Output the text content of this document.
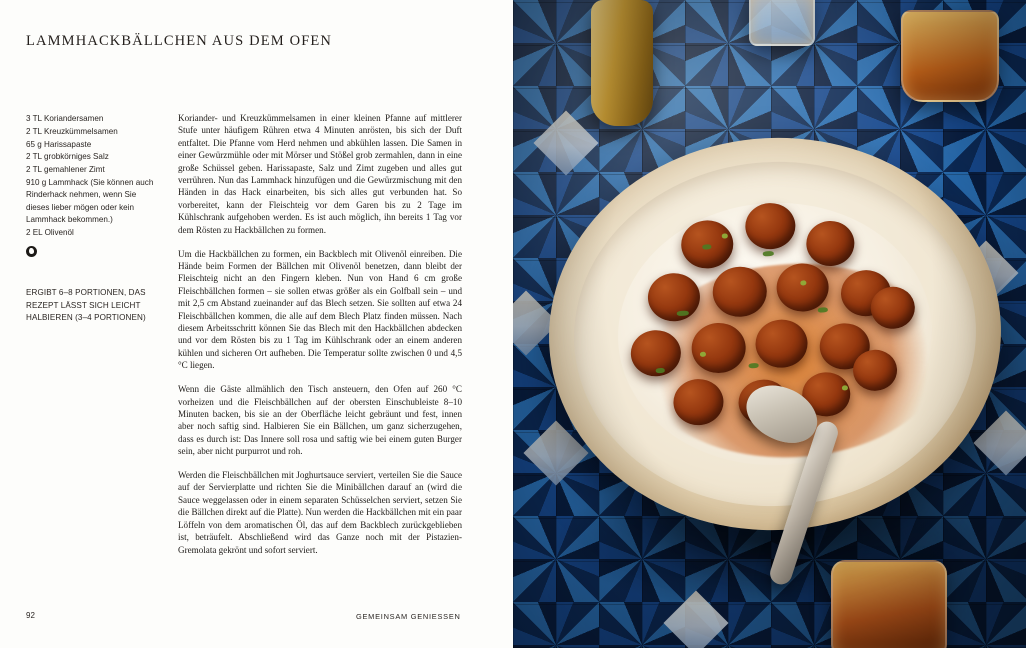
LAMMHACKBÄLLCHEN AUS DEM OFEN
3 TL Koriandersamen
2 TL Kreuzkümmelsamen
65 g Harissapaste
2 TL grobkörniges Salz
2 TL gemahlener Zimt
910 g Lammhack (Sie können auch Rinderhack nehmen, wenn Sie dieses lieber mögen oder kein Lammhack bekommen.)
2 EL Olivenöl
ERGIBT 6–8 PORTIONEN, DAS REZEPT LÄSST SICH LEICHT HALBIEREN (3–4 PORTIONEN)

Koriander- und Kreuzkümmelsamen in einer kleinen Pfanne auf mittlerer Stufe unter häufigem Rühren etwa 4 Minuten anrösten, bis sich der Duft entfaltet. Die Pfanne vom Herd nehmen und abkühlen lassen. Die Samen in einer Gewürzmühle oder mit Mörser und Stößel grob zermahlen, dann in eine große Schüssel geben. Harissapaste, Salz und Zimt zugeben und alles gut verrühren. Nun das Lammhack hinzufügen und die Gewürzmischung mit den Händen in das Hack einarbeiten, bis sich alles gut verbunden hat. So vorbereitet, kann der Fleischteig vor dem Garen bis zu 2 Tage im Kühlschrank aufgehoben werden. Es ist auch möglich, ihn bereits 1 Tag vor dem Rösten zu Hackbällchen zu formen.

Um die Hackbällchen zu formen, ein Backblech mit Olivenöl einreiben. Die Hände beim Formen der Bällchen mit Olivenöl benetzen, dann bleibt der Fleischteig nicht an den Fingern kleben. Nun von Hand 6 cm große Fleischbällchen formen – sie sollen etwas größer als ein Golfball sein – und mit 2,5 cm Abstand zueinander auf das Blech setzen. Sie sollten auf etwa 24 Fleischbällchen kommen, die alle auf dem Blech Platz finden müssen. Nach diesem Arbeitsschritt können Sie das Blech mit den Hackbällchen abdecken und vor dem Rösten bis zu 1 Tag im Kühlschrank oder an einem anderen kühlen und sicheren Ort aufheben. Die Temperatur sollte zwischen 0 und 4,5 °C liegen.

Wenn die Gäste allmählich den Tisch ansteuern, den Ofen auf 260 °C vorheizen und die Fleischbällchen auf der obersten Einschubleiste 8–10 Minuten backen, bis sie an der Oberfläche leicht gebräunt und fest, innen aber noch saftig sind. Halbieren Sie ein Bällchen, um ganz sicherzugehen, dass es durch ist: Das Innere soll rosa und saftig wie bei einem guten Burger sein, aber nicht purpurrot und roh.

Werden die Fleischbällchen mit Joghurtsauce serviert, verteilen Sie die Sauce auf der Servierplatte und richten Sie die Minibällchen darauf an (wird die Sauce weggelassen oder in einem separaten Schüsselchen serviert, setzen Sie die Bällchen direkt auf die Platte). Nun werden die Hackbällchen mit ein paar Löffeln von dem aromatischen Öl, das auf dem Backblech zurückgeblieben ist, beträufelt. Abschließend wird das Ganze noch mit der Pistazien-Gremolata gekrönt und sofort serviert.

92	GEMEINSAM GENIESSEN
